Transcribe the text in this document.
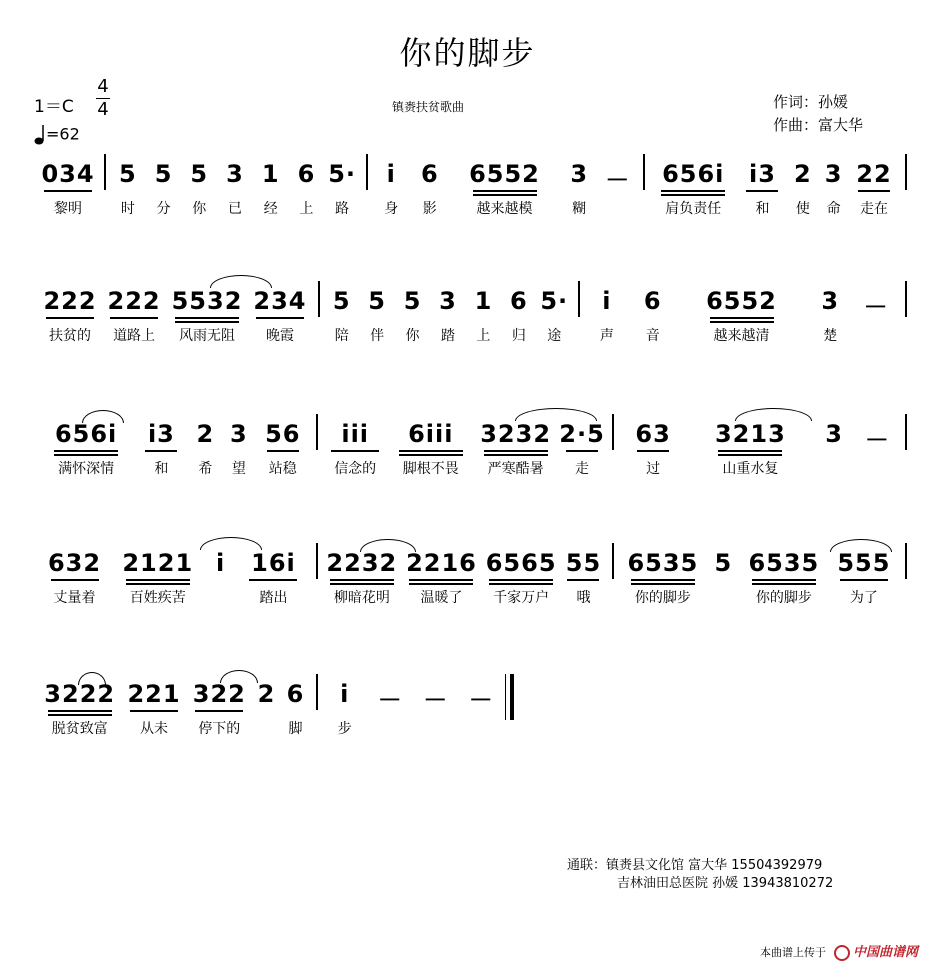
你的脚步
1＝C
4
4
=62
镇赉扶贫歌曲	作词：孙媛
作曲：富大华
034
黎明
5
时
5
分
5
你
3
已
1
经
6
上
5·
路
i
身
6
影
6552
越来越模
3
糊
－	656i
肩负责任
i3
和
2
使
3
命
22
走在
222
扶贫的
222
道路上
5532
风雨无阻
234
晚霞
5
陪
5
伴
5
你
3
踏
1
上
6
归
5·
途
i
声
6
音
6552
越来越清
3
楚
－
656i
满怀深情
i3
和
2
希
3
望
56
站稳
iii
信念的
6iii
脚根不畏
3232
严寒酷暑
2·5
走
63
过
3213
山重水复
3 －
632
丈量着
2121
百姓疾苦
i	16i
踏出
2232
柳暗花明
2216
温暖了
6565
千家万户
55
哦
6535
你的脚步
5 6535
你的脚步
555
为了
3222
脱贫致富
221
从未
322
停下的
2 6
脚
i
步
－ － －
通联：镇赉县文化馆 富大华 15504392979
吉林油田总医院 孙媛 13943810272
本曲谱上传于	中国曲谱网
